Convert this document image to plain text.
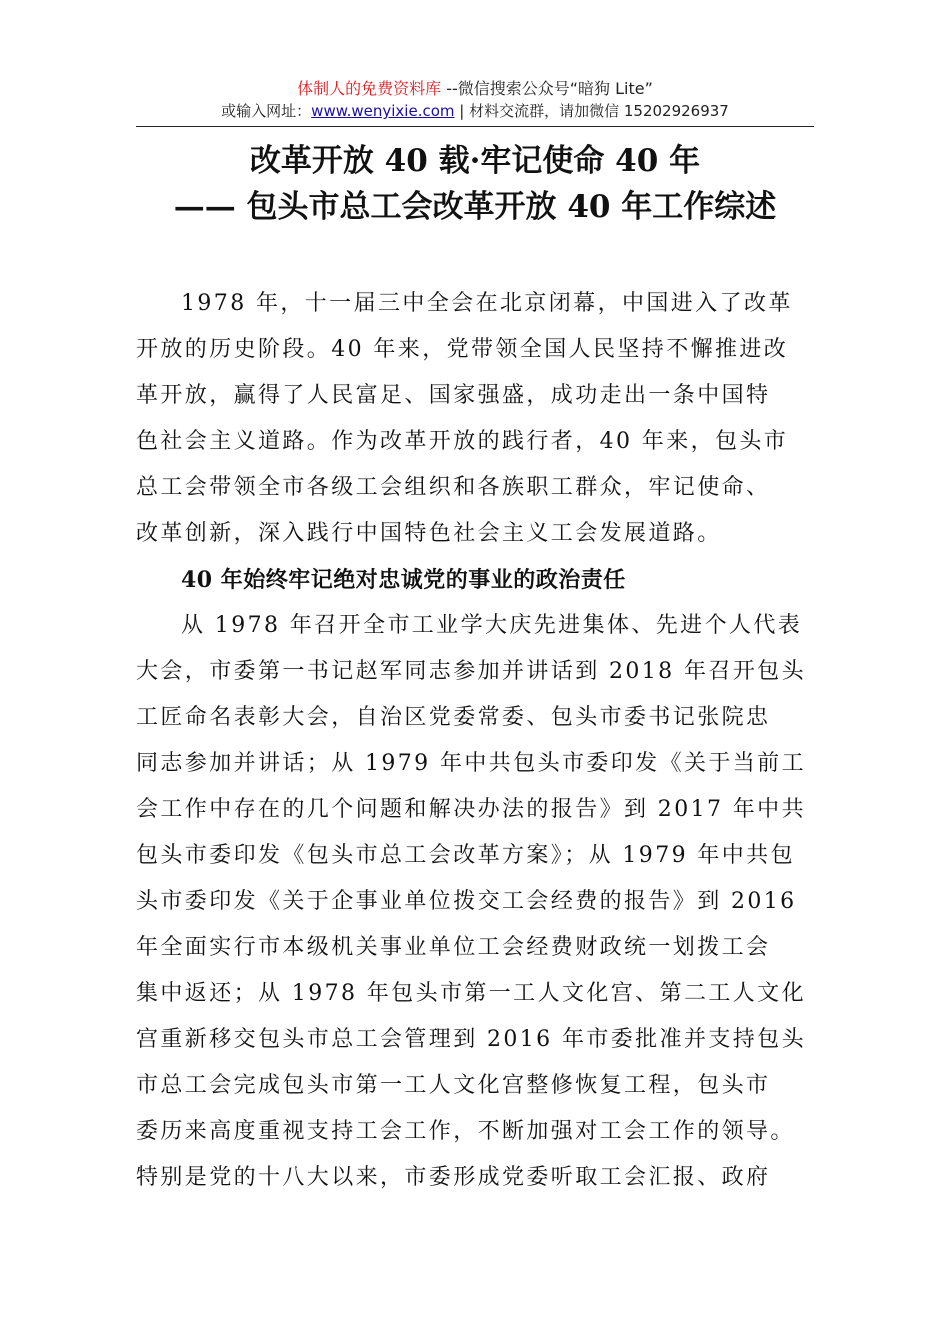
体制人的免费资料库 --微信搜索公众号“暗狗 Lite”
或输入网址：www.wenyixie.com | 材料交流群，请加微信 15202926937
改革开放 40 载·牢记使命 40 年
—— 包头市总工会改革开放 40 年工作综述
1978 年，十一届三中全会在北京闭幕，中国进入了改革
开放的历史阶段。40 年来，党带领全国人民坚持不懈推进改
革开放，赢得了人民富足、国家强盛，成功走出一条中国特
色社会主义道路。作为改革开放的践行者，40 年来，包头市
总工会带领全市各级工会组织和各族职工群众，牢记使命、
改革创新，深入践行中国特色社会主义工会发展道路。
40 年始终牢记绝对忠诚党的事业的政治责任
从 1978 年召开全市工业学大庆先进集体、先进个人代表
大会，市委第一书记赵军同志参加并讲话到 2018 年召开包头
工匠命名表彰大会，自治区党委常委、包头市委书记张院忠
同志参加并讲话；从 1979 年中共包头市委印发《关于当前工
会工作中存在的几个问题和解决办法的报告》到 2017 年中共
包头市委印发《包头市总工会改革方案》；从 1979 年中共包
头市委印发《关于企事业单位拨交工会经费的报告》到 2016
年全面实行市本级机关事业单位工会经费财政统一划拨工会
集中返还；从 1978 年包头市第一工人文化宫、第二工人文化
宫重新移交包头市总工会管理到 2016 年市委批准并支持包头
市总工会完成包头市第一工人文化宫整修恢复工程，包头市
委历来高度重视支持工会工作，不断加强对工会工作的领导。
特别是党的十八大以来，市委形成党委听取工会汇报、政府
